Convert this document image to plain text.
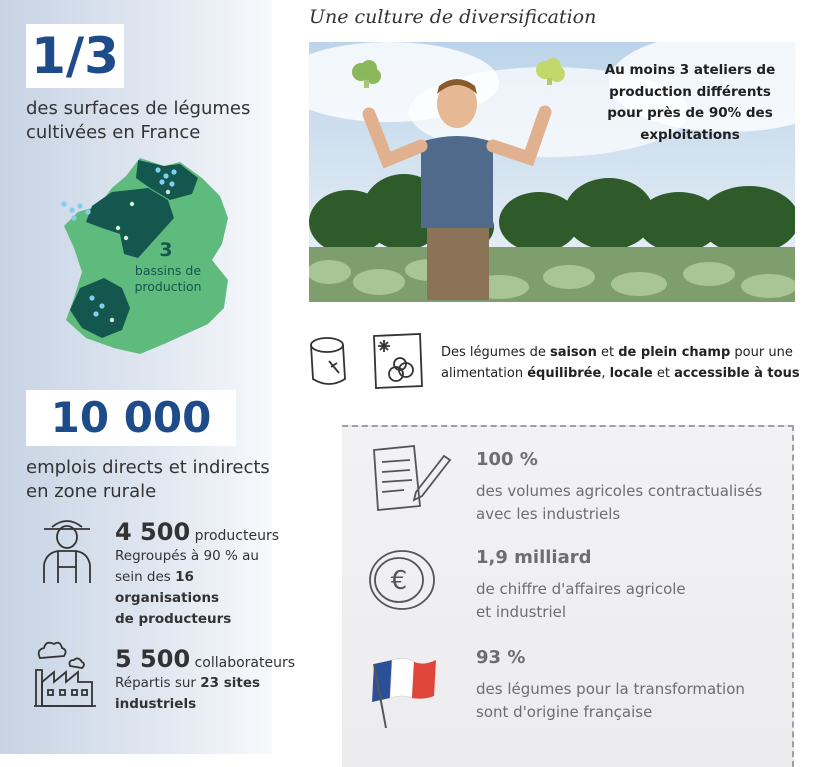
1/3
des surfaces de légumes cultivées en France
3
bassins de
production
10 000
emplois directs et indirects en zone rurale
4 500 producteurs
Regroupés à 90 % au
sein des 16 organisations
de producteurs
5 500 collaborateurs
Répartis sur 23 sites
industriels
Une culture de diversification
Au moins 3 ateliers de production différents pour près de 90% des exploitations
Des légumes de saison et de plein champ pour une
alimentation équilibrée, locale et accessible à tous
100 %
des volumes agricoles contractualisés
avec les industriels
€
1,9 milliard
de chiffre d'affaires agricole
et industriel
93 %
des légumes pour la transformation
sont d'origine française
